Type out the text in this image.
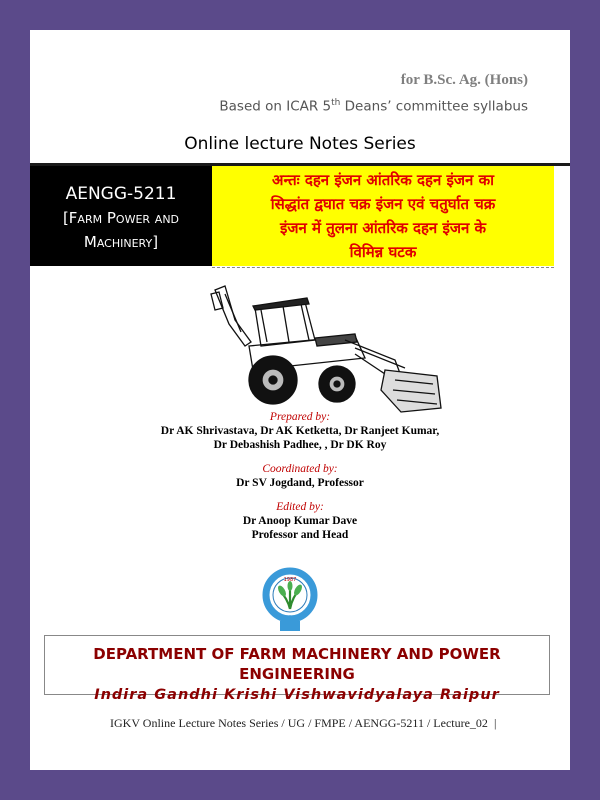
for B.Sc. Ag. (Hons)
Based on ICAR 5th Deans’ committee syllabus
Online lecture Notes Series
AENGG-5211
[Farm Power and
Machinery]
अन्तः दहन इंजन आंतरिक दहन इंजन का
सिद्धांत द्वघात चक्र इंजन एवं चतुर्घात चक्र
इंजन में तुलना आंतरिक दहन इंजन के
विमिन्न घटक
Prepared by:
Dr AK Shrivastava, Dr AK Ketketta, Dr Ranjeet Kumar,
Dr Debashish Padhee, , Dr DK Roy
Coordinated by:
Dr SV Jogdand, Professor
Edited by:
Dr Anoop Kumar Dave
Professor and Head
1987
DEPARTMENT OF FARM MACHINERY AND POWER ENGINEERING
Indira Gandhi Krishi Vishwavidyalaya Raipur
IGKV Online Lecture Notes Series / UG / FMPE / AENGG-5211 / Lecture_02 |
